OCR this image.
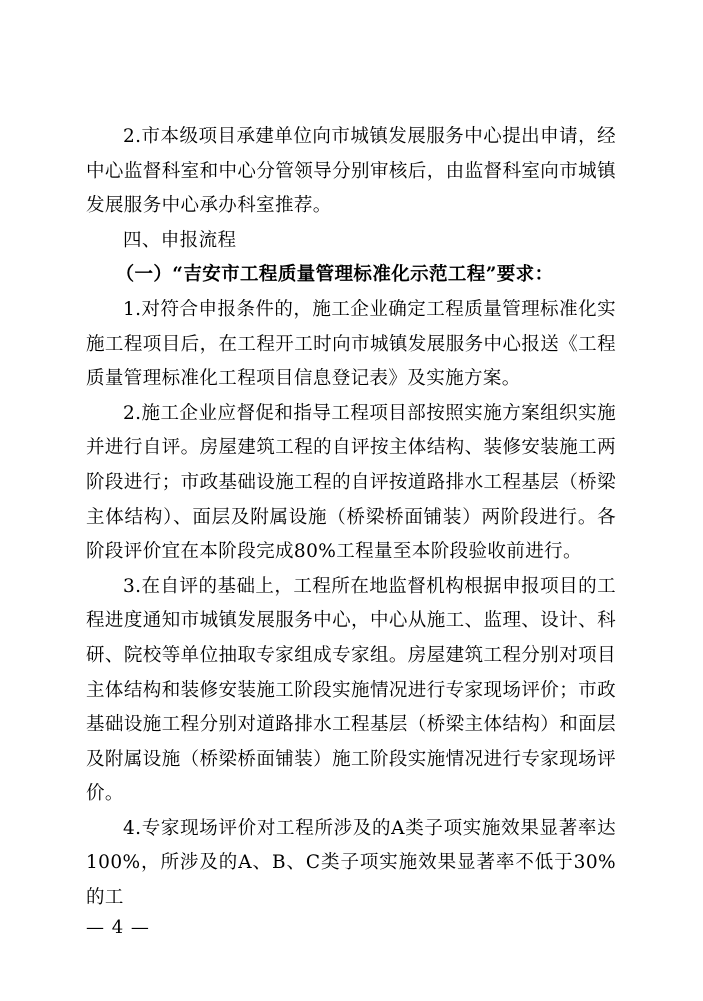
2.市本级项目承建单位向市城镇发展服务中心提出申请，经中心监督科室和中心分管领导分别审核后，由监督科室向市城镇发展服务中心承办科室推荐。

四、申报流程

（一）“吉安市工程质量管理标准化示范工程”要求：

1.对符合申报条件的，施工企业确定工程质量管理标准化实施工程项目后，在工程开工时向市城镇发展服务中心报送《工程质量管理标准化工程项目信息登记表》及实施方案。

2.施工企业应督促和指导工程项目部按照实施方案组织实施并进行自评。房屋建筑工程的自评按主体结构、装修安装施工两阶段进行；市政基础设施工程的自评按道路排水工程基层（桥梁主体结构）、面层及附属设施（桥梁桥面铺装）两阶段进行。各阶段评价宜在本阶段完成80%工程量至本阶段验收前进行。

3.在自评的基础上，工程所在地监督机构根据申报项目的工程进度通知市城镇发展服务中心，中心从施工、监理、设计、科研、院校等单位抽取专家组成专家组。房屋建筑工程分别对项目主体结构和装修安装施工阶段实施情况进行专家现场评价；市政基础设施工程分别对道路排水工程基层（桥梁主体结构）和面层及附属设施（桥梁桥面铺装）施工阶段实施情况进行专家现场评价。

4.专家现场评价对工程所涉及的A类子项实施效果显著率达100%，所涉及的A、B、C类子项实施效果显著率不低于30%的工

— 4 —
